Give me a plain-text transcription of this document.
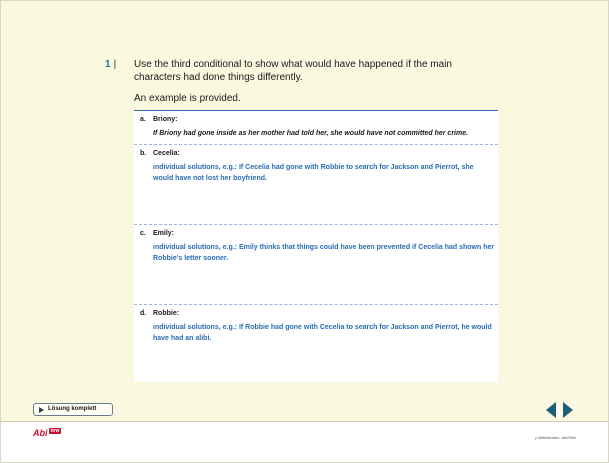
1 | Use the third conditional to show what would have happened if the main characters had done things differently.
An example is provided.
a. Briony:
If Briony had gone inside as her mother had told her, she would have not committed her crime.
b. Cecelia:
individual solutions, e.g.: If Cecelia had gone with Robbie to search for Jackson and Pierrot, she would have not lost her boyfriend.
c. Emily:
individual solutions, e.g.: Emily thinks that things could have been prevented if Cecelia had shown her Robbie's letter sooner.
d. Robbie:
individual solutions, e.g.: If Robbie had gone with Cecelia to search for Jackson and Pierrot, he would have had an alibi.
Lösung komplett
Abi $^{nrw}$
p.tlefeldmann, Abi/SiNr
